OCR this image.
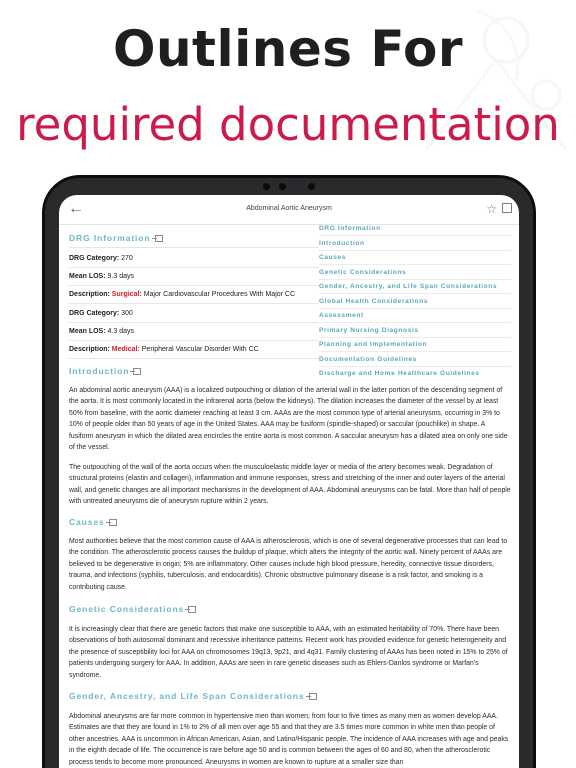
Outlines For
required documentation
←	Abdominal Aortic Aneurysm	☆
DRG Information
DRG Category: 270
Mean LOS: 9.3 days
Description: Surgical: Major Cardiovascular Procedures With Major CC
DRG Category: 300
Mean LOS: 4.3 days
Description: Medical: Peripheral Vascular Disorder With CC
DRG Information
Introduction
Causes
Genetic Considerations
Gender, Ancestry, and Life Span Considerations
Global Health Considerations
Assessment
Primary Nursing Diagnosis
Planning and Implementation
Documentation Guidelines
Discharge and Home Healthcare Guidelines
Introduction
An abdominal aortic aneurysm (AAA) is a localized outpouching or dilation of the arterial wall in the latter portion of the descending segment of the aorta. It is most commonly located in the infrarenal aorta (below the kidneys). The dilation increases the diameter of the vessel by at least 50% from baseline, with the aortic diameter reaching at least 3 cm. AAAs are the most common type of arterial aneurysms, occurring in 3% to 10% of people older than 50 years of age in the United States. AAA may be fusiform (spindle-shaped) or saccular (pouchlike) in shape. A fusiform aneurysm in which the dilated area encircles the entire aorta is most common. A saccular aneurysm has a dilated area on only one side of the vessel.
The outpouching of the wall of the aorta occurs when the musculoelastic middle layer or media of the artery becomes weak. Degradation of structural proteins (elastin and collagen), inflammation and immune responses, stress and stretching of the inner and outer layers of the arterial wall, and genetic changes are all important mechanisms in the development of AAA. Abdominal aneurysms can be fatal. More than half of people with untreated aneurysms die of aneurysm rupture within 2 years.
Causes
Most authorities believe that the most common cause of AAA is atherosclerosis, which is one of several degenerative processes that can lead to the condition. The atherosclerotic process causes the buildup of plaque, which alters the integrity of the aortic wall. Ninety percent of AAAs are believed to be degenerative in origin; 5% are inflammatory. Other causes include high blood pressure, heredity, connective tissue disorders, trauma, and infections (syphilis, tuberculosis, and endocarditis). Chronic obstructive pulmonary disease is a risk factor, and smoking is a contributing cause.
Genetic Considerations
It is increasingly clear that there are genetic factors that make one susceptible to AAA, with an estimated heritability of 70%. There have been observations of both autosomal dominant and recessive inheritance patterns. Recent work has provided evidence for genetic heterogeneity and the presence of susceptibility loci for AAA on chromosomes 19q13, 9p21, and 4q31. Family clustering of AAAs has been noted in 15% to 25% of patients undergoing surgery for AAA. In addition, AAAs are seen in rare genetic diseases such as Ehlers-Danlos syndrome or Marfan's syndrome.
Gender, Ancestry, and Life Span Considerations
Abdominal aneurysms are far more common in hypertensive men than women; from four to five times as many men as women develop AAA. Estimates are that they are found in 1% to 2% of all men over age 55 and that they are 3.5 times more common in white men than people of other ancestries. AAA is uncommon in African American, Asian, and Latino/Hispanic people. The incidence of AAA increases with age and peaks in the eighth decade of life. The occurrence is rare before age 50 and is common between the ages of 60 and 80, when the atherosclerotic process tends to become more pronounced. Aneurysms in women are known to rupture at a smaller size than
